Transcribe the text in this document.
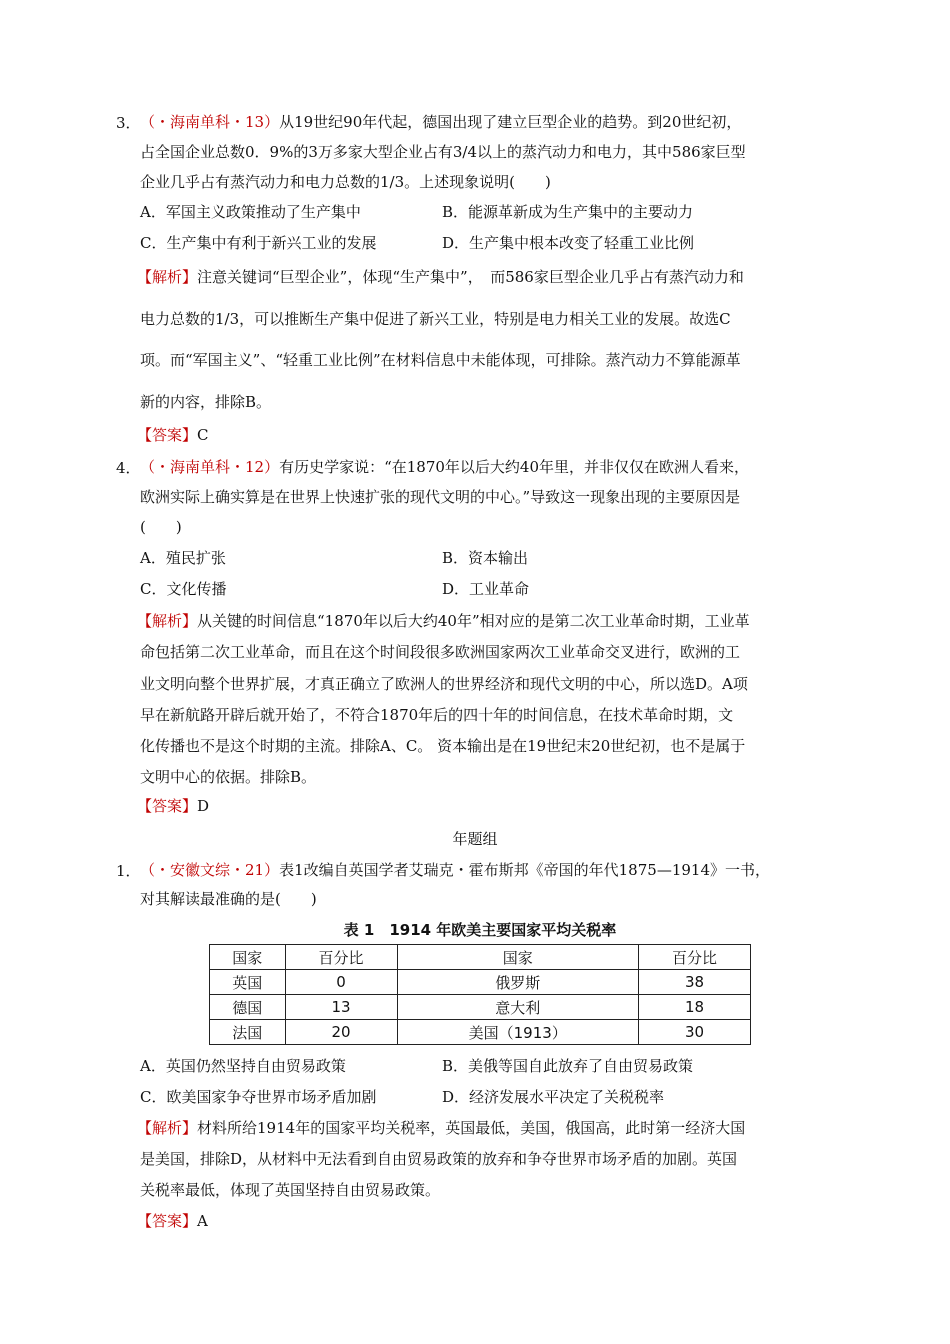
3． （・海南单科・13）从19世纪90年代起，德国出现了建立巨型企业的趋势。到20世纪初，
占全国企业总数0．9%的3万多家大型企业占有3/4以上的蒸汽动力和电力，其中586家巨型
企业几乎占有蒸汽动力和电力总数的1/3。上述现象说明(　　)
A．军国主义政策推动了生产集中	B．能源革新成为生产集中的主要动力
C．生产集中有利于新兴工业的发展	D．生产集中根本改变了轻重工业比例
【解析】注意关键词“巨型企业”，体现“生产集中”，　而586家巨型企业几乎占有蒸汽动力和
电力总数的1/3，可以推断生产集中促进了新兴工业，特别是电力相关工业的发展。故选C
项。而“军国主义”、“轻重工业比例”在材料信息中未能体现，可排除。蒸汽动力不算能源革
新的内容，排除B。
【答案】C
4． （・海南单科・12）有历史学家说：“在1870年以后大约40年里，并非仅仅在欧洲人看来，
欧洲实际上确实算是在世界上快速扩张的现代文明的中心。”导致这一现象出现的主要原因是
(　　)
A．殖民扩张	B．资本输出
C．文化传播	D．工业革命
【解析】从关键的时间信息“1870年以后大约40年”相对应的是第二次工业革命时期，工业革
命包括第二次工业革命，而且在这个时间段很多欧洲国家两次工业革命交叉进行，欧洲的工
业文明向整个世界扩展，才真正确立了欧洲人的世界经济和现代文明的中心，所以选D。A项
早在新航路开辟后就开始了，不符合1870年后的四十年的时间信息，在技术革命时期，文
化传播也不是这个时期的主流。排除A、C。 资本输出是在19世纪末20世纪初，也不是属于
文明中心的依据。排除B。
【答案】D
年题组
1． （・安徽文综・21）表1改编自英国学者艾瑞克・霍布斯邦《帝国的年代1875—1914》一书，
对其解读最准确的是(　　)
表 1　1914 年欧美主要国家平均关税率
国家	百分比	国家	百分比
英国	0	俄罗斯	38
德国	13	意大利	18
法国	20	美国（1913）	30
A．英国仍然坚持自由贸易政策	B．美俄等国自此放弃了自由贸易政策
C．欧美国家争夺世界市场矛盾加剧	D．经济发展水平决定了关税税率
【解析】材料所给1914年的国家平均关税率，英国最低，美国，俄国高，此时第一经济大国
是美国，排除D，从材料中无法看到自由贸易政策的放弃和争夺世界市场矛盾的加剧。英国
关税率最低，体现了英国坚持自由贸易政策。
【答案】A
